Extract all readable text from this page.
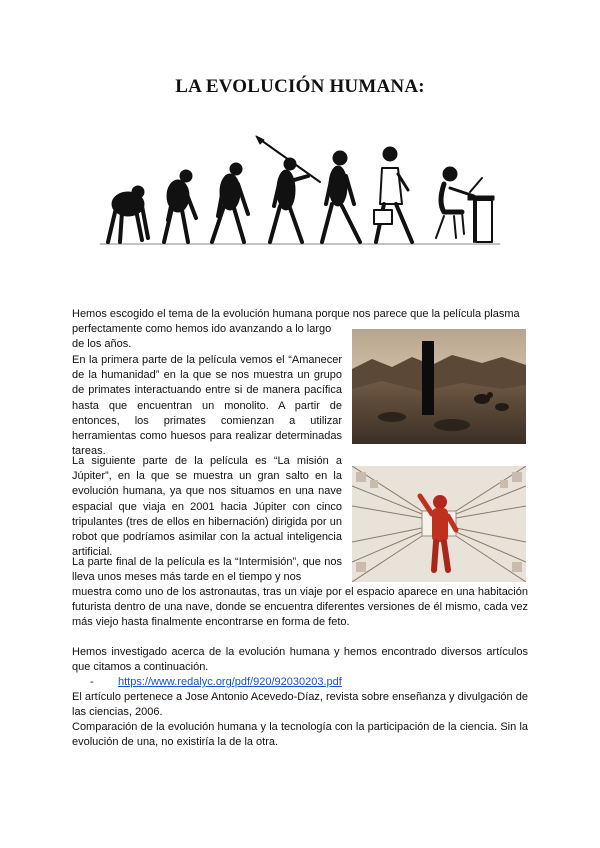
LA EVOLUCIÓN HUMANA:

Hemos escogido el tema de la evolución humana porque nos parece que la película plasma

perfectamente como hemos ido avanzando a lo largo de los años.

En la primera parte de la película vemos el “Amanecer de la humanidad” en la que se nos muestra un grupo de primates interactuando entre si de manera pacífica hasta que encuentran un monolito. A partir de entonces, los primates comienzan a utilizar herramientas como huesos para realizar determinadas tareas.

La siguiente parte de la película es “La misión a Júpiter”, en la que se muestra un gran salto en la evolución humana, ya que nos situamos en una nave espacial que viaja en 2001 hacia Júpiter con cinco tripulantes (tres de ellos en hibernación) dirigida por un robot que podríamos asimilar con la actual inteligencia artificial.

La parte final de la película es la “Intermisión”, que nos lleva unos meses más tarde en el tiempo y nos

muestra como uno de los astronautas, tras un viaje por el espacio aparece en una habitación futurista dentro de una nave, donde se encuentra diferentes versiones de él mismo, cada vez más viejo hasta finalmente encontrarse en forma de feto.

Hemos investigado acerca de la evolución humana y hemos encontrado diversos artículos que citamos a continuación.

- https://www.redalyc.org/pdf/920/92030203.pdf

El artículo pertenece a Jose Antonio Acevedo-Díaz, revista sobre enseñanza y divulgación de las ciencias, 2006.

Comparación de la evolución humana y la tecnología con la participación de la ciencia. Sin la evolución de una, no existiría la de la otra.
